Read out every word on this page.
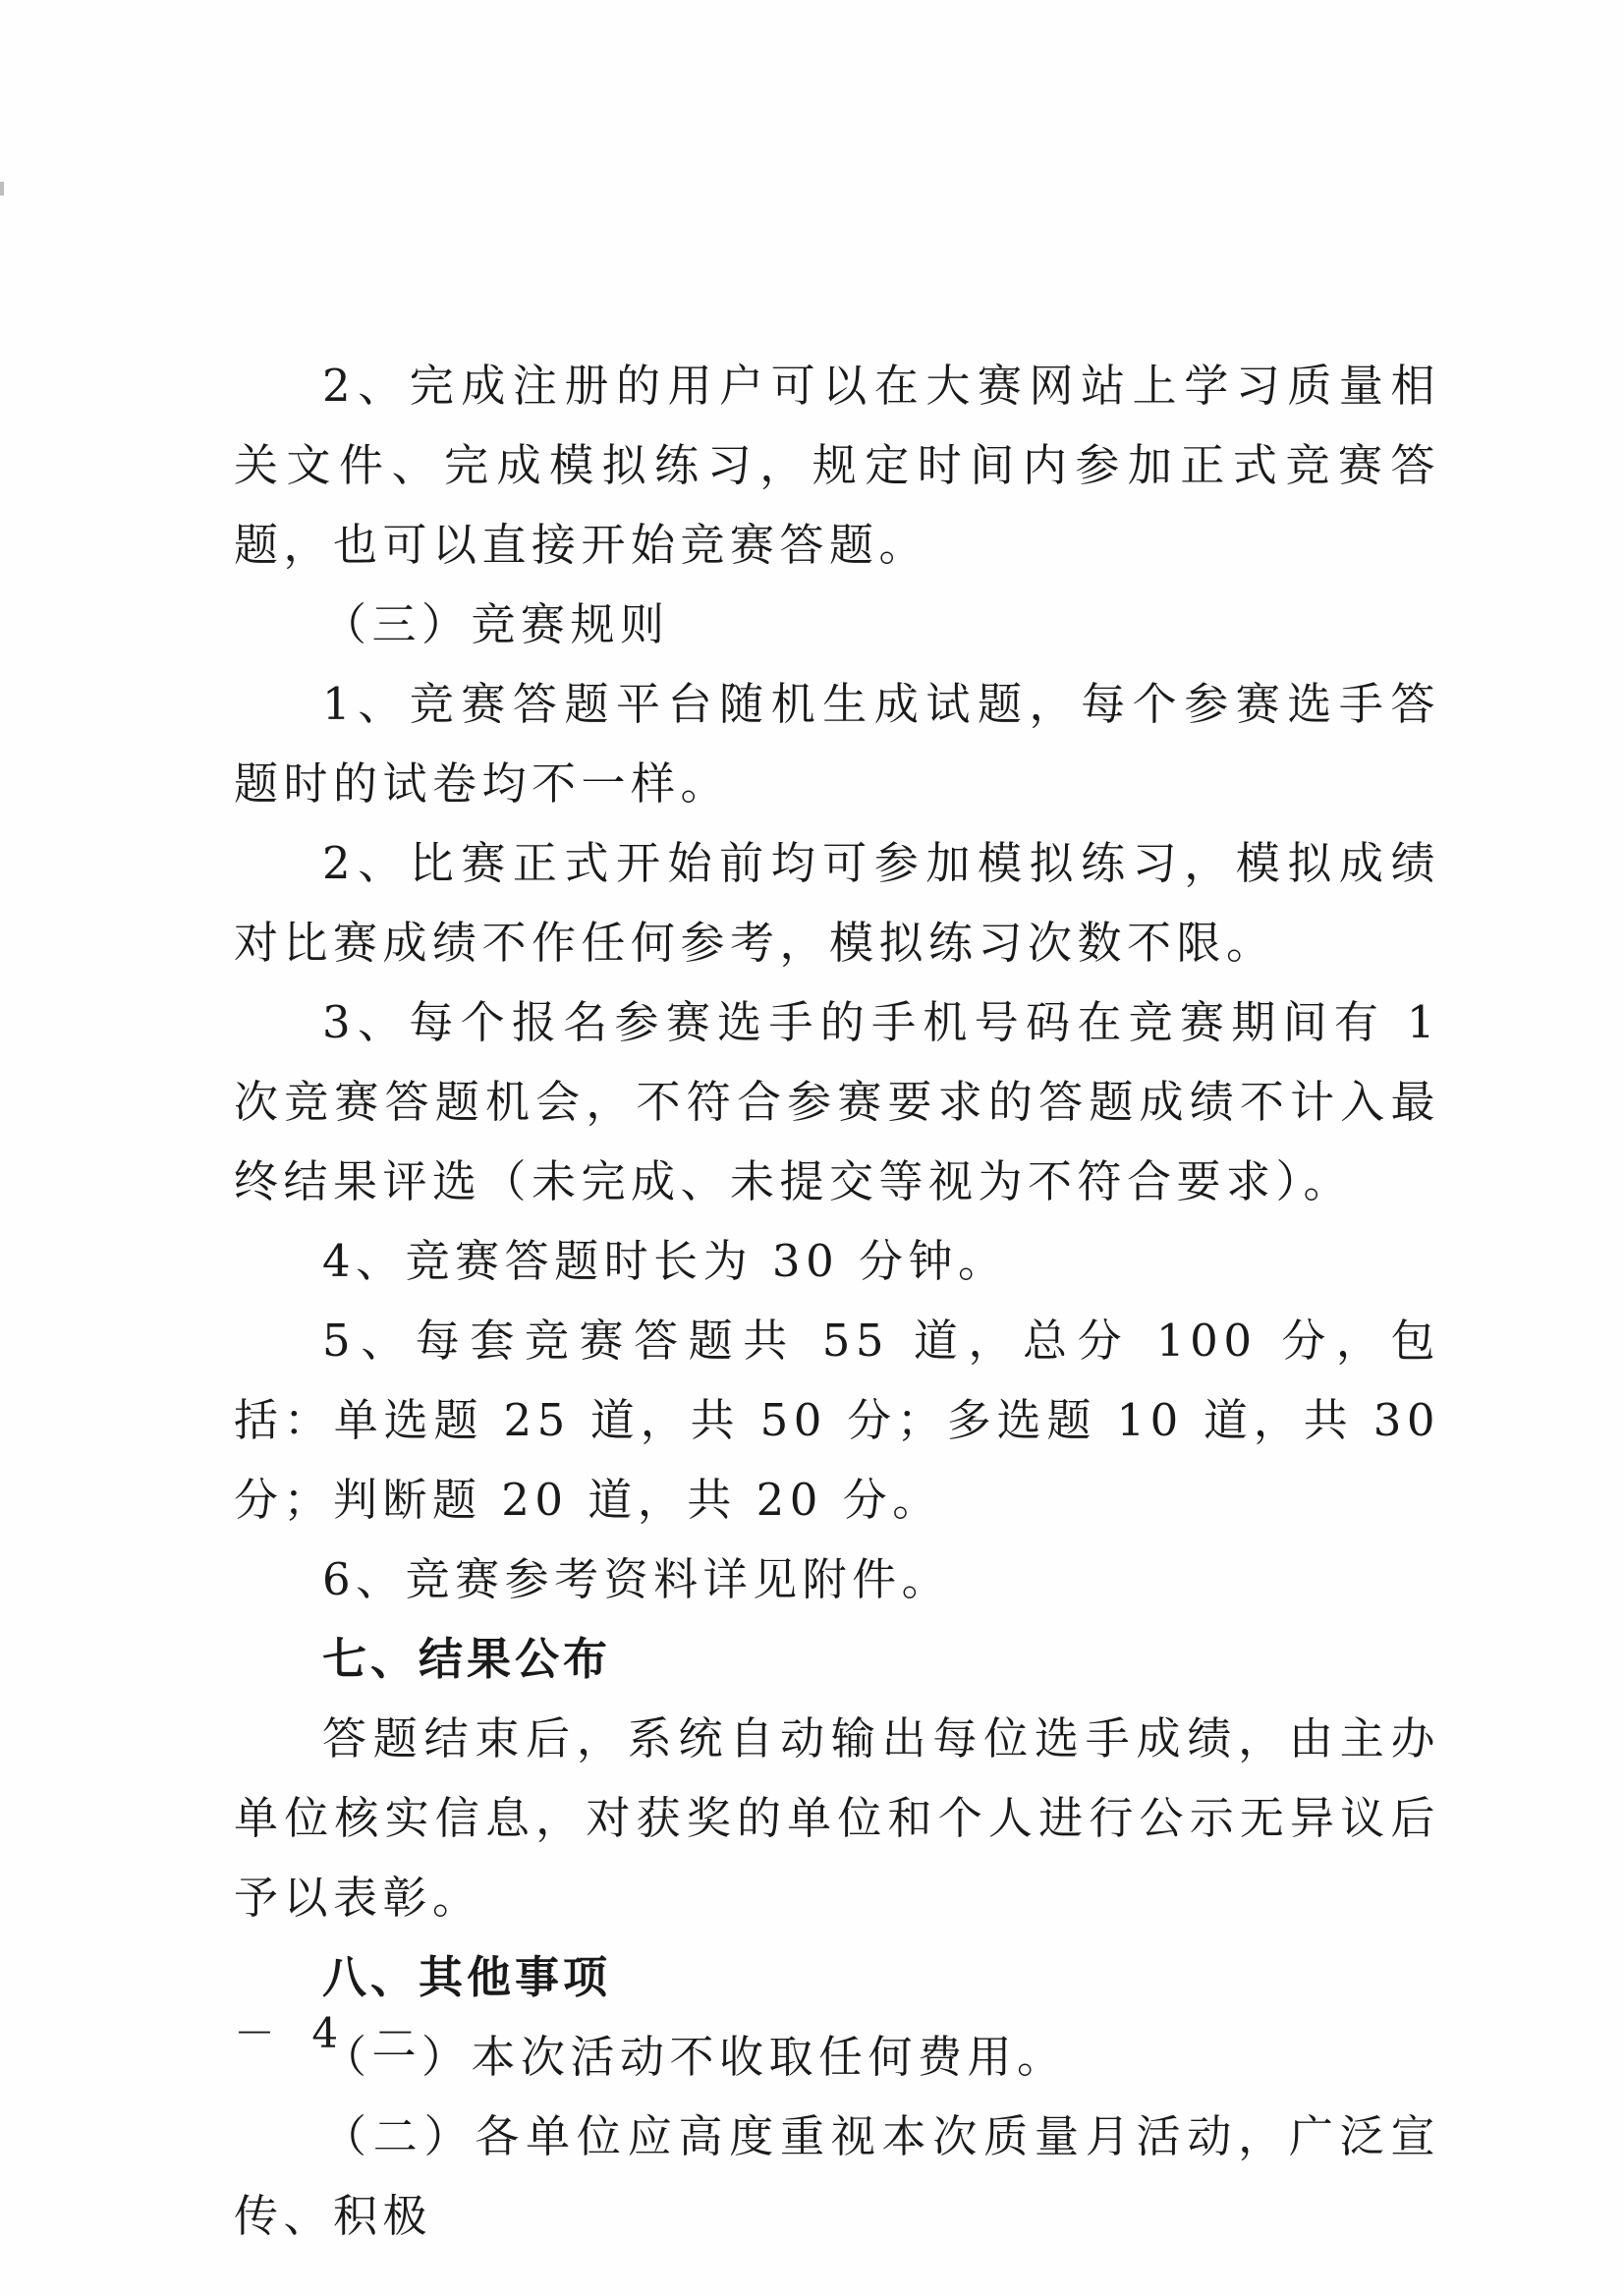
2、完成注册的用户可以在大赛网站上学习质量相关文件、完成模拟练习，规定时间内参加正式竞赛答题，也可以直接开始竞赛答题。

（三）竞赛规则

1、竞赛答题平台随机生成试题，每个参赛选手答题时的试卷均不一样。

2、比赛正式开始前均可参加模拟练习，模拟成绩对比赛成绩不作任何参考，模拟练习次数不限。

3、每个报名参赛选手的手机号码在竞赛期间有 1 次竞赛答题机会，不符合参赛要求的答题成绩不计入最终结果评选（未完成、未提交等视为不符合要求）。

4、竞赛答题时长为 30 分钟。

5、每套竞赛答题共 55 道，总分 100 分，包括：单选题 25 道，共 50 分；多选题 10 道，共 30 分；判断题 20 道，共 20 分。

6、竞赛参考资料详见附件。

七、结果公布

答题结束后，系统自动输出每位选手成绩，由主办单位核实信息，对获奖的单位和个人进行公示无异议后予以表彰。

八、其他事项

（一）本次活动不收取任何费用。

（二）各单位应高度重视本次质量月活动，广泛宣传、积极

－ 4 －
